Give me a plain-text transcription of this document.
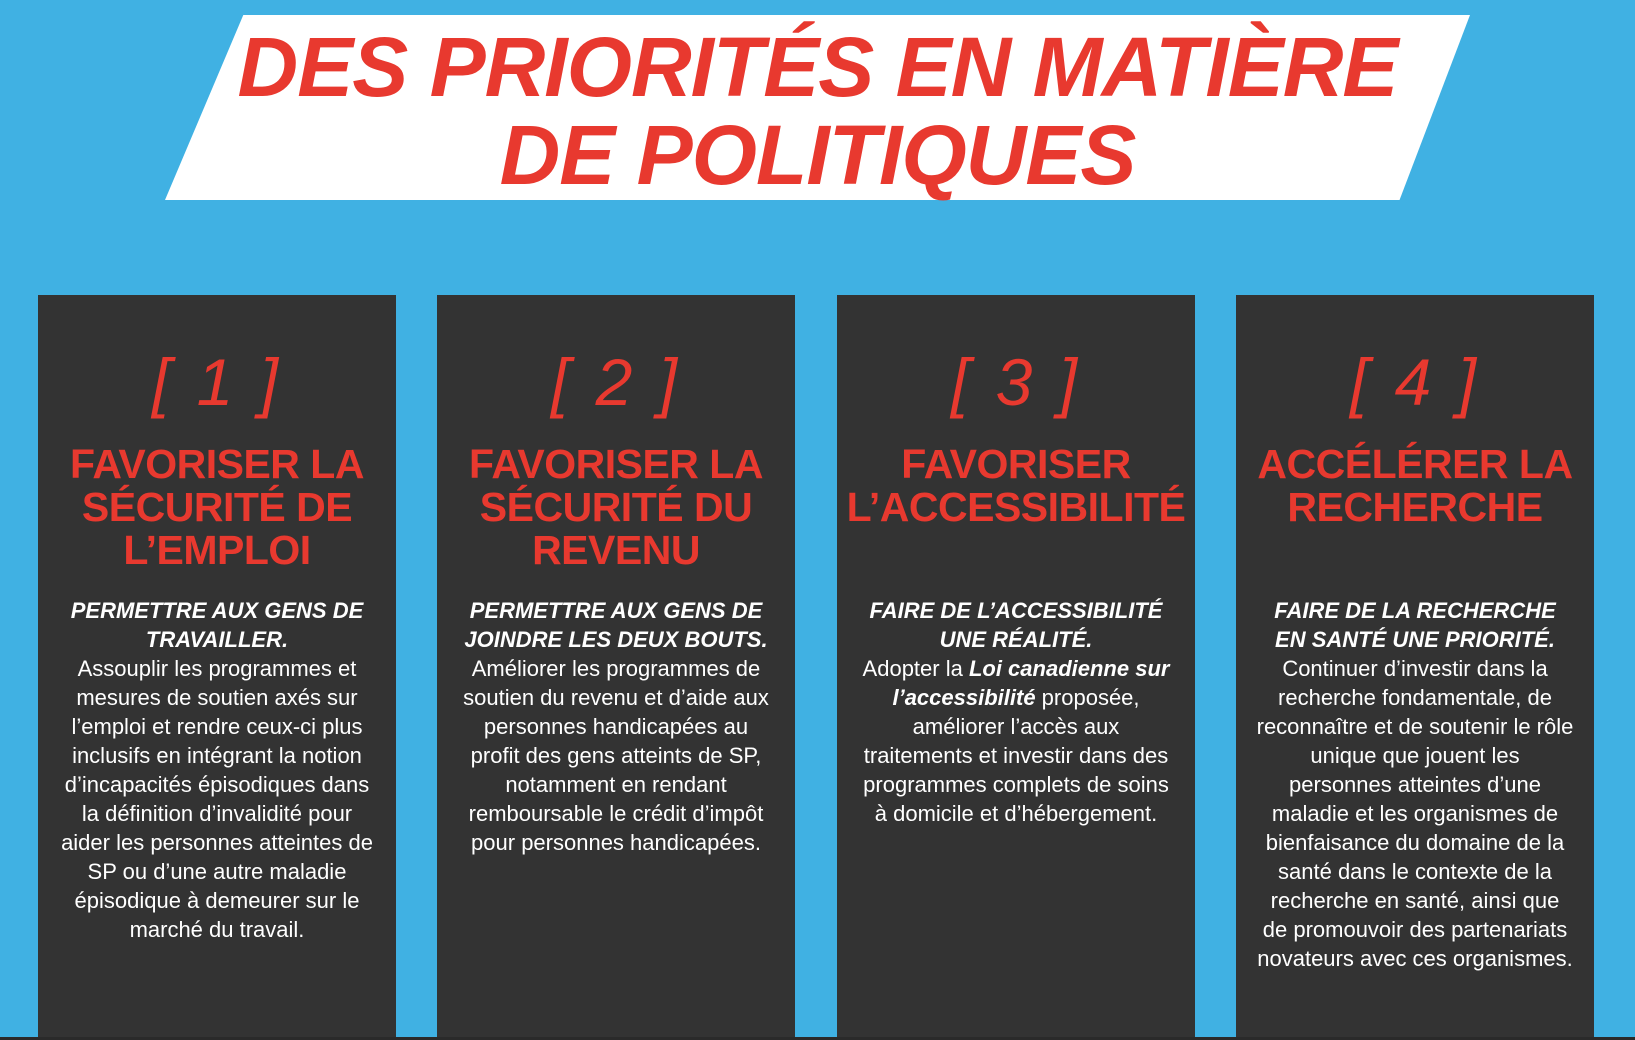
DES PRIORITÉS EN MATIÈRE
DE POLITIQUES
[ 1 ]
FAVORISER LA SÉCURITÉ DE L’EMPLOI
PERMETTRE AUX GENS DE TRAVAILLER.

Assouplir les programmes et mesures de soutien axés sur l’emploi et rendre ceux-ci plus inclusifs en intégrant la notion d’incapacités épisodiques dans la définition d’invalidité pour aider les personnes atteintes de SP ou d’une autre maladie épisodique à demeurer sur le marché du travail.

[ 2 ]
FAVORISER LA SÉCURITÉ DU REVENU
PERMETTRE AUX GENS DE JOINDRE LES DEUX BOUTS.

Améliorer les programmes de soutien du revenu et d’aide aux personnes handicapées au profit des gens atteints de SP, notamment en rendant remboursable le crédit d’impôt pour personnes handicapées.

[ 3 ]
FAVORISER L’ACCESSIBILITÉ
FAIRE DE L’ACCESSIBILITÉ UNE RÉALITÉ.

Adopter la Loi canadienne sur l’accessibilité proposée, améliorer l’accès aux traitements et investir dans des programmes complets de soins à domicile et d’hébergement.

[ 4 ]
ACCÉLÉRER LA RECHERCHE
FAIRE DE LA RECHERCHE EN SANTÉ UNE PRIORITÉ.

Continuer d’investir dans la recherche fondamentale, de reconnaître et de soutenir le rôle unique que jouent les personnes atteintes d’une maladie et les organismes de bienfaisance du domaine de la santé dans le contexte de la recherche en santé, ainsi que de promouvoir des partenariats novateurs avec ces organismes.
